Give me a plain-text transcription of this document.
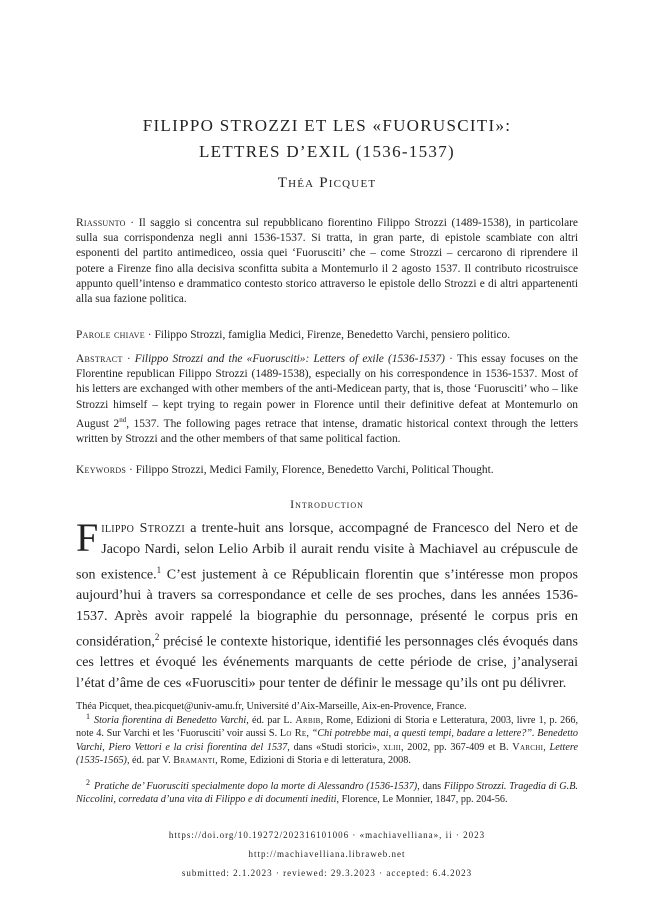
FILIPPO STROZZI ET LES «FUORUSCITI»:
LETTRES D’EXIL (1536-1537)
Théa Picquet
Riassunto · Il saggio si concentra sul repubblicano fiorentino Filippo Strozzi (1489-1538), in particolare sulla sua corrispondenza negli anni 1536-1537. Si tratta, in gran parte, di epistole scambiate con altri esponenti del partito antimediceo, ossia quei ‘Fuorusciti’ che – come Strozzi – cercarono di riprendere il potere a Firenze fino alla decisiva sconfitta subita a Montemurlo il 2 agosto 1537. Il contributo ricostruisce appunto quell’intenso e drammatico contesto storico attraverso le epistole dello Strozzi e di altri appartenenti alla sua fazione politica.
Parole chiave · Filippo Strozzi, famiglia Medici, Firenze, Benedetto Varchi, pensiero politico.
Abstract · Filippo Strozzi and the «Fuorusciti»: Letters of exile (1536-1537) · This essay focuses on the Florentine republican Filippo Strozzi (1489-1538), especially on his correspondence in 1536-1537. Most of his letters are exchanged with other members of the anti-Medicean party, that is, those ‘Fuorusciti’ who – like Strozzi himself – kept trying to regain power in Florence until their definitive defeat at Montemurlo on August 2nd, 1537. The following pages retrace that intense, dramatic historical context through the letters written by Strozzi and the other members of that same political faction.
Keywords · Filippo Strozzi, Medici Family, Florence, Benedetto Varchi, Political Thought.
Introduction
Filippo Strozzi a trente-huit ans lorsque, accompagné de Francesco del Nero et de Jacopo Nardi, selon Lelio Arbib il aurait rendu visite à Machiavel au crépuscule de son existence.$^1$ C’est justement à ce Républicain florentin que s’intéresse mon propos aujourd’hui à travers sa correspondance et celle de ses proches, dans les années 1536-1537. Après avoir rappelé la biographie du personnage, présenté le corpus pris en considération,$^2$ précisé le contexte historique, identifié les personnages clés évoqués dans ces lettres et évoqué les événements marquants de cette période de crise, j’analyserai l’état d’âme de ces «Fuorusciti» pour tenter de définir le message qu’ils ont pu délivrer.
Théa Picquet, thea.picquet@univ-amu.fr, Université d’Aix-Marseille, Aix-en-Provence, France.
$^1$ Storia fiorentina di Benedetto Varchi, éd. par L. Arbib, Rome, Edizioni di Storia e Letteratura, 2003, livre 1, p. 266, note 4. Sur Varchi et les ‘Fuorusciti’ voir aussi S. Lo Re, “Chi potrebbe mai, a questi tempi, badare a lettere?”. Benedetto Varchi, Piero Vettori e la crisi fiorentina del 1537, dans «Studi storici», xliii, 2002, pp. 367-409 et B. Varchi, Lettere (1535-1565), éd. par V. Bramanti, Rome, Edizioni di Storia e di letteratura, 2008.
$^2$ Pratiche de’ Fuorusciti specialmente dopo la morte di Alessandro (1536-1537), dans Filippo Strozzi. Tragedia di G.B. Niccolini, corredata d’una vita di Filippo e di documenti inediti, Florence, Le Monnier, 1847, pp. 204-56.
https://doi.org/10.19272/202316101006 · «machiavelliana», ii · 2023
http://machiavelliana.libraweb.net
submitted: 2.1.2023 · reviewed: 29.3.2023 · accepted: 6.4.2023
